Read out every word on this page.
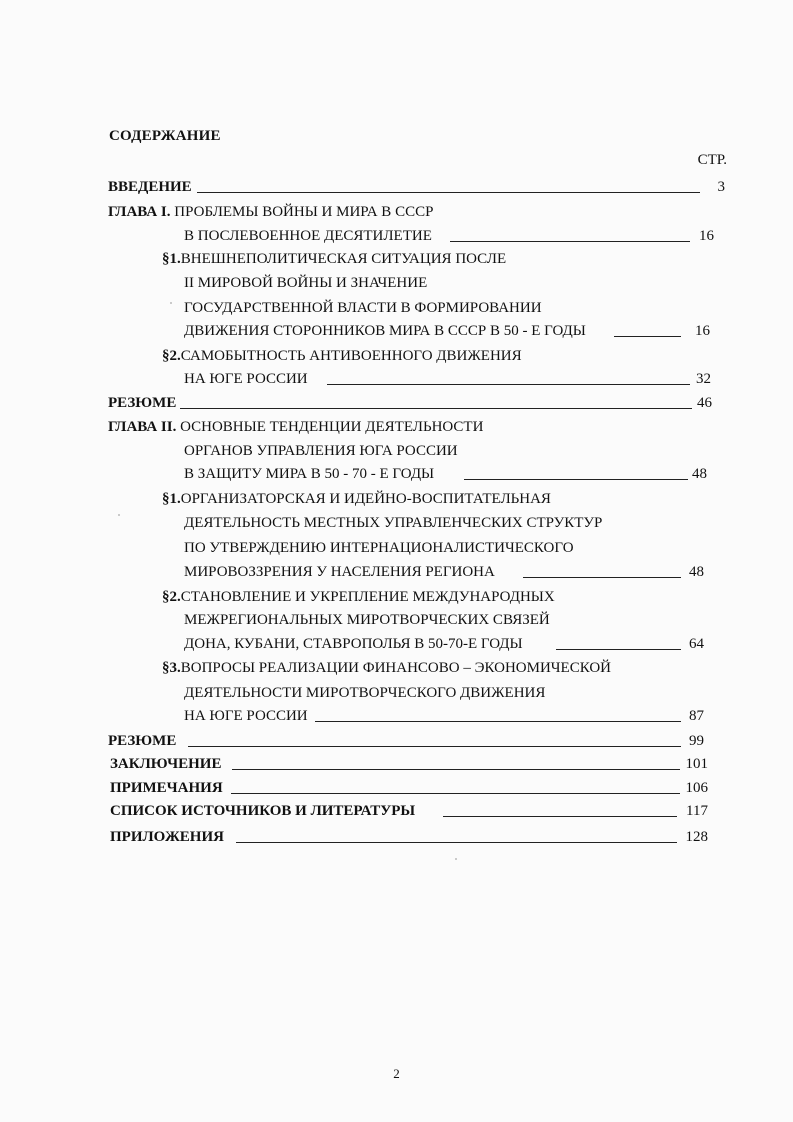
СОДЕРЖАНИЕ
СТР.
ВВЕДЕНИЕ	3
ГЛАВА I. ПРОБЛЕМЫ ВОЙНЫ И МИРА В СССР
В ПОСЛЕВОЕННОЕ ДЕСЯТИЛЕТИЕ	16
§1.ВНЕШНЕПОЛИТИЧЕСКАЯ СИТУАЦИЯ ПОСЛЕ
II МИРОВОЙ ВОЙНЫ И ЗНАЧЕНИЕ
ГОСУДАРСТВЕННОЙ ВЛАСТИ В ФОРМИРОВАНИИ
ДВИЖЕНИЯ СТОРОННИКОВ МИРА В СССР В 50 - Е ГОДЫ	16
§2.САМОБЫТНОСТЬ АНТИВОЕННОГО ДВИЖЕНИЯ
НА ЮГЕ РОССИИ	32
РЕЗЮМЕ	46
ГЛАВА II. ОСНОВНЫЕ ТЕНДЕНЦИИ ДЕЯТЕЛЬНОСТИ
ОРГАНОВ УПРАВЛЕНИЯ ЮГА РОССИИ
В ЗАЩИТУ МИРА В 50 - 70 - Е ГОДЫ	48
§1.ОРГАНИЗАТОРСКАЯ И ИДЕЙНО-ВОСПИТАТЕЛЬНАЯ
ДЕЯТЕЛЬНОСТЬ МЕСТНЫХ УПРАВЛЕНЧЕСКИХ СТРУКТУР
ПО УТВЕРЖДЕНИЮ ИНТЕРНАЦИОНАЛИСТИЧЕСКОГО
МИРОВОЗЗРЕНИЯ У НАСЕЛЕНИЯ РЕГИОНА	48
§2.СТАНОВЛЕНИЕ И УКРЕПЛЕНИЕ МЕЖДУНАРОДНЫХ
МЕЖРЕГИОНАЛЬНЫХ МИРОТВОРЧЕСКИХ СВЯЗЕЙ
ДОНА, КУБАНИ, СТАВРОПОЛЬЯ В 50-70-Е ГОДЫ	64
§3.ВОПРОСЫ РЕАЛИЗАЦИИ ФИНАНСОВО – ЭКОНОМИЧЕСКОЙ
ДЕЯТЕЛЬНОСТИ МИРОТВОРЧЕСКОГО ДВИЖЕНИЯ
НА ЮГЕ РОССИИ	87
РЕЗЮМЕ	99
ЗАКЛЮЧЕНИЕ	101
ПРИМЕЧАНИЯ	106
СПИСОК ИСТОЧНИКОВ И ЛИТЕРАТУРЫ	117
ПРИЛОЖЕНИЯ	128
2
